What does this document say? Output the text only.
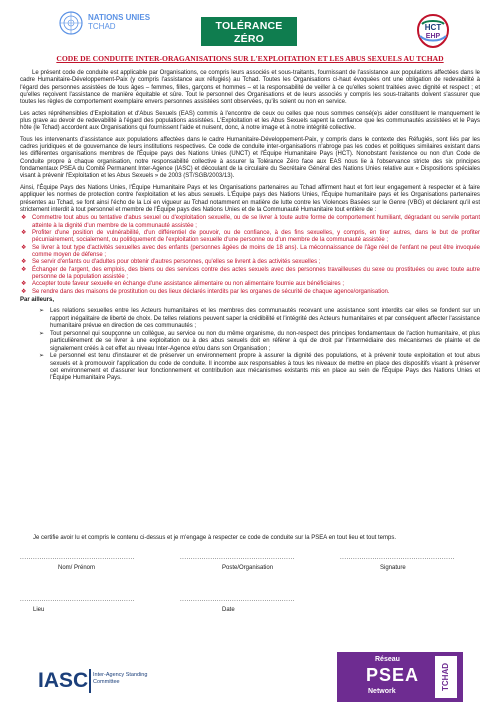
NATIONS UNIES
TCHAD	TOLÉRANCE ZÉRO
POUR L'EXPLOITATION ET LES ABUS SEXUELS
HCT
EHP
CODE DE CONDUITE INTER-ORAGANISATIONS SUR L'EXPLOITATION ET LES ABUS SEXUELS AU TCHAD

Le présent code de conduite est applicable par Organisations, ce compris leurs associés et sous-traitants, fournissant de l'assistance aux populations affectées dans le cadre Humanitaire-Développement-Paix (y compris l'assistance aux réfugiés) au Tchad. Toutes les Organisations ci-haut évoquées ont une obligation de redevabilité à l'égard des personnes assistées de tous âges – femmes, filles, garçons et hommes – et la responsabilité de veiller à ce qu'elles soient traitées avec dignité et respect ; et qu'elles reçoivent l'assistance de manière équitable et sûre. Tout le personnel des Organisations et de leurs associés y compris les sous-traitants doivent s'assurer que toutes les règles de comportement exemplaire envers personnes assistées sont observées, qu'ils soient ou non en service.

Les actes répréhensibles d'Exploitation et d'Abus Sexuels (EAS) commis à l'encontre de ceux ou celles que nous sommes censé(e)s aider constituent le manquement le plus grave au devoir de redevabilité à l'égard des populations assistées. L'Exploitation et les Abus Sexuels sapent la confiance que les communautés assistées et le Pays hôte (le Tchad) accordent aux Organisations qui fournissent l'aide et nuisent, donc, à notre image et à notre intégrité collective.

Tous les intervenants d'assistance aux populations affectées dans le cadre Humanitaire-Développement-Paix, y compris dans le contexte des Réfugiés, sont liés par les cadres juridiques et de gouvernance de leurs institutions respectives. Ce code de conduite inter-organisations n'abroge pas les codes et politiques similaires existant dans les différentes organisations membres de l'Équipe pays des Nations Unies (UNCT) et l'Équipe Humanitaire Pays (HCT). Nonobstant l'existence ou non d'un Code de Conduite propre à chaque organisation, notre responsabilité collective à assurer la Tolérance Zéro face aux EAS nous lie à l'observance stricte des six principes fondamentaux PSEA du Comité Permanent Inter-Agence (IASC) et découlant de la circulaire du Secrétaire Général des Nations Unies relative aux « Dispositions spéciales visant à prévenir l'Exploitation et les Abus Sexuels » de 2003 (ST/SGB/2003/13).

Ainsi, l'Équipe Pays des Nations Unies, l'Équipe Humanitaire Pays et les Organisations partenaires au Tchad affirment haut et fort leur engagement à respecter et à faire appliquer les normes de protection contre l'exploitation et les abus sexuels. L'Équipe pays des Nations Unies, l'Équipe humanitaire pays et les Organisations partenaires présentes au Tchad, se font ainsi l'écho de la Loi en vigueur au Tchad notamment en matière de lutte contre les Violences Basées sur le Genre (VBG) et déclarent qu'il est strictement interdit à tout personnel et membre de l'Équipe pays des Nations Unies et de la Communauté Humanitaire tout entière de :

❖ Commettre tout abus ou tentative d'abus sexuel ou d'exploitation sexuelle, ou de se livrer à toute autre forme de comportement humiliant, dégradant ou servile portant atteinte à la dignité d'un membre de la communauté assistée ;
❖ Profiter d'une position de vulnérabilité, d'un différentiel de pouvoir, ou de confiance, à des fins sexuelles, y compris, en tirer autres, dans le but de profiter pécuniairement, socialement, ou politiquement de l'exploitation sexuelle d'une personne ou d'un membre de la communauté assistée ;
❖ Se livrer à tout type d'activités sexuelles avec des enfants (personnes âgées de moins de 18 ans). La méconnaissance de l'âge réel de l'enfant ne peut être invoquée comme moyen de défense ;
❖ Se servir d'enfants ou d'adultes pour obtenir d'autres personnes, qu'elles se livrent à des activités sexuelles ;
❖ Échanger de l'argent, des emplois, des biens ou des services contre des actes sexuels avec des personnes travailleuses du sexe ou prostituées ou avec toute autre personne de la population assistée ;
❖ Accepter toute faveur sexuelle en échange d'une assistance alimentaire ou non alimentaire fournie aux bénéficiaires ;
❖ Se rendre dans des maisons de prostitution ou des lieux déclarés interdits par les organes de sécurité de chaque agence/organisation.

Par ailleurs,

➢ Les relations sexuelles entre les Acteurs humanitaires et les membres des communautés recevant une assistance sont interdits car elles se fondent sur un rapport inégalitaire de liberté de choix. De telles relations peuvent saper la crédibilité et l'intégrité des Acteurs humanitaires et par conséquent affecter l'assistance humanitaire prévue en direction de ces communautés ;
➢ Tout personnel qui soupçonne un collègue, au service ou non du même organisme, du non-respect des principes fondamentaux de l'action humanitaire, et plus particulièrement de se livrer à une exploitation ou à des abus sexuels doit en référer à qui de droit par l'intermédiaire des mécanismes de plainte et de signalement créés à cet effet au niveau Inter-Agence et/ou dans son Organisation ;
➢ Le personnel est tenu d'instaurer et de préserver un environnement propre à assurer la dignité des populations, et à prévenir toute exploitation et tout abus sexuels et à promouvoir l'application du code de conduite. Il incombe aux responsables à tous les niveaux de mettre en place des dispositifs visant à préserver cet environnement et d'assurer leur fonctionnement et contribution aux mécanismes existants mis en place au sein de l'Équipe Pays des Nations Unies et l'Équipe Humanitaire Pays.
Je certifie avoir lu et compris le contenu ci-dessus et je m'engage à respecter ce code de conduite sur la PSEA en tout lieu et tout temps.
.....................................................	.....................................................	.....................................................
Nom/ Prénom	Poste/Organisation	Signature
.....................................................	.....................................................
Lieu	Date
IASC Inter-Agency Standing Committee
Réseau
PSEA
Network
TCHAD
